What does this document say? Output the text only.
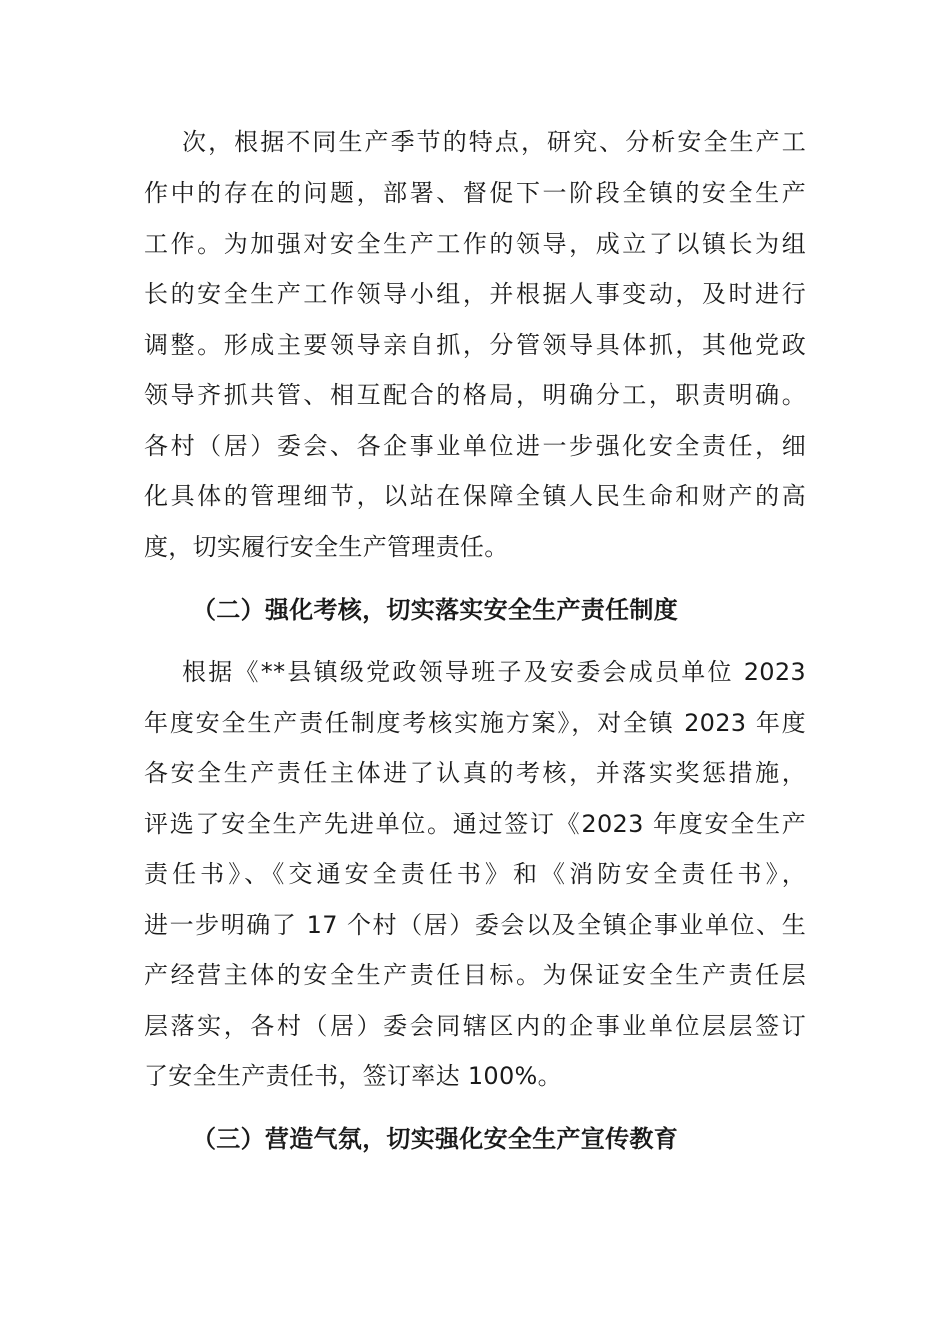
次，根据不同生产季节的特点，研究、分析安全生产工
作中的存在的问题，部署、督促下一阶段全镇的安全生产
工作。为加强对安全生产工作的领导，成立了以镇长为组
长的安全生产工作领导小组，并根据人事变动，及时进行
调整。形成主要领导亲自抓，分管领导具体抓，其他党政
领导齐抓共管、相互配合的格局，明确分工，职责明确。
各村（居）委会、各企事业单位进一步强化安全责任，细
化具体的管理细节，以站在保障全镇人民生命和财产的高
度，切实履行安全生产管理责任。
（二）强化考核，切实落实安全生产责任制度
根据《**县镇级党政领导班子及安委会成员单位 2023
年度安全生产责任制度考核实施方案》，对全镇 2023 年度
各安全生产责任主体进了认真的考核，并落实奖惩措施，
评选了安全生产先进单位。通过签订《2023 年度安全生产
责任书》、《交通安全责任书》和《消防安全责任书》，
进一步明确了 17 个村（居）委会以及全镇企事业单位、生
产经营主体的安全生产责任目标。为保证安全生产责任层
层落实，各村（居）委会同辖区内的企事业单位层层签订
了安全生产责任书，签订率达 100%。
（三）营造气氛，切实强化安全生产宣传教育
